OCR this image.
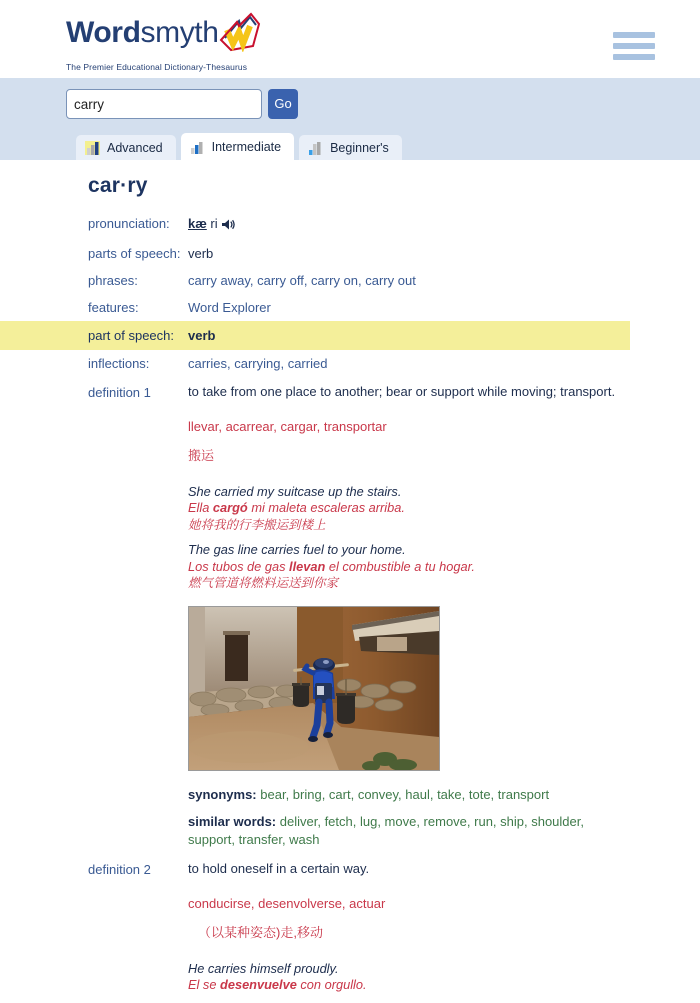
Wordsmyth
The Premier Educational Dictionary-Thesaurus
carry
Go
Advanced	Intermediate	Beginner's
car·ry
pronunciation:	kæ ri
parts of speech: verb
phrases:	carry away, carry off, carry on, carry out
features:	Word Explorer
part of speech:	verb
inflections:	carries, carrying, carried
definition 1	to take from one place to another; bear or support while moving; transport.
llevar, acarrear, cargar, transportar
搬运
She carried my suitcase up the stairs.
Ella cargó mi maleta escaleras arriba.
她将我的行李搬运到楼上
The gas line carries fuel to your home.
Los tubos de gas llevan el combustible a tu hogar.
燃气管道将燃料运送到你家
synonyms: bear, bring, cart, convey, haul, take, tote, transport
similar words: deliver, fetch, lug, move, remove, run, ship, shoulder, support, transfer, wash
definition 2	to hold oneself in a certain way.
conducirse, desenvolverse, actuar
（以某种姿态)走,移动
He carries himself proudly.
El se desenvuelve con orgullo.
